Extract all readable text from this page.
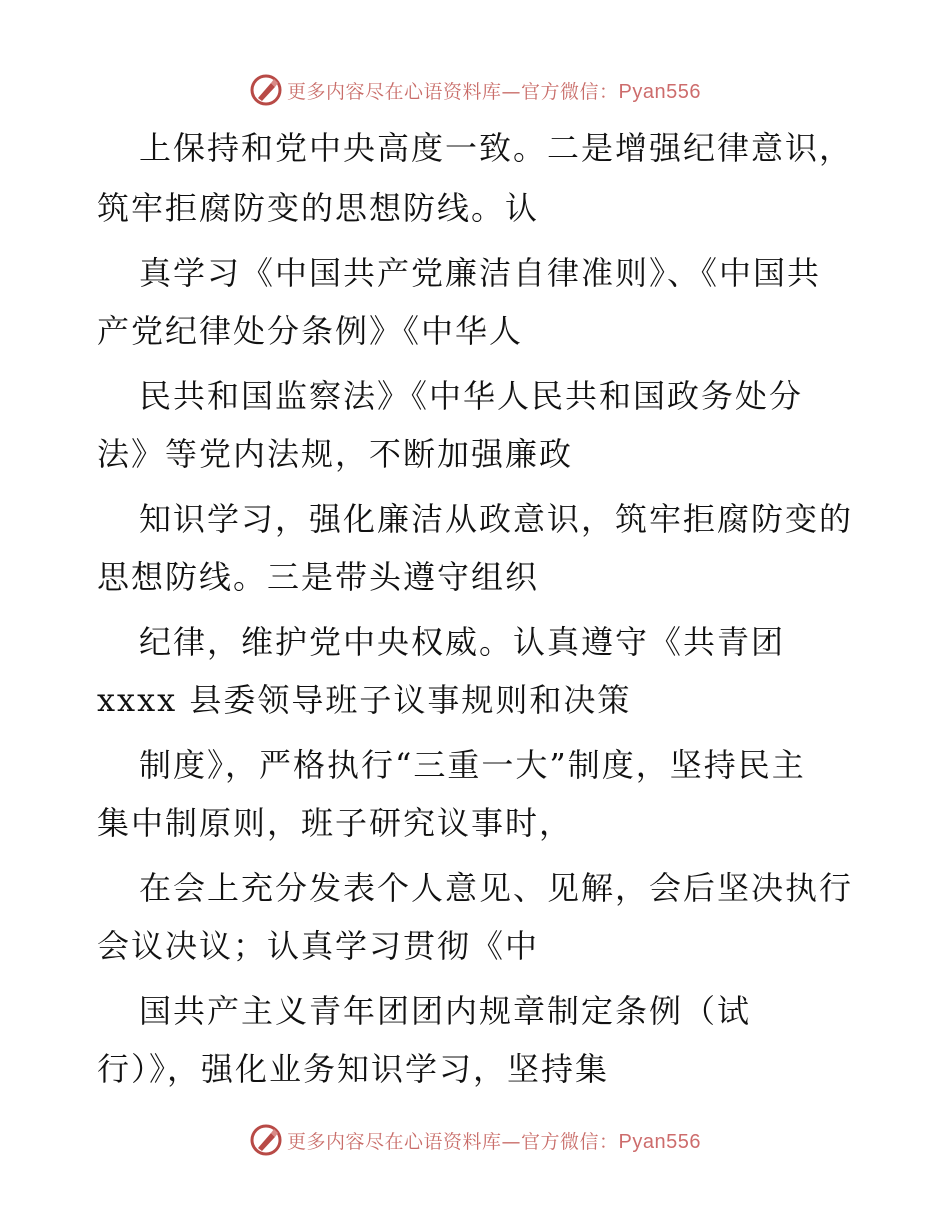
更多内容尽在心语资料库—官方微信：Pyan556
上保持和党中央高度一致。二是增强纪律意识，
筑牢拒腐防变的思想防线。认
真学习《中国共产党廉洁自律准则》、《中国共
产党纪律处分条例》《中华人
民共和国监察法》《中华人民共和国政务处分
法》等党内法规，不断加强廉政
知识学习，强化廉洁从政意识，筑牢拒腐防变的
思想防线。三是带头遵守组织
纪律，维护党中央权威。认真遵守《共青团
xxxx 县委领导班子议事规则和决策
制度》，严格执行“三重一大”制度，坚持民主
集中制原则，班子研究议事时，
在会上充分发表个人意见、见解，会后坚决执行
会议决议；认真学习贯彻《中
国共产主义青年团团内规章制定条例（试
行）》，强化业务知识学习，坚持集
更多内容尽在心语资料库—官方微信：Pyan556
